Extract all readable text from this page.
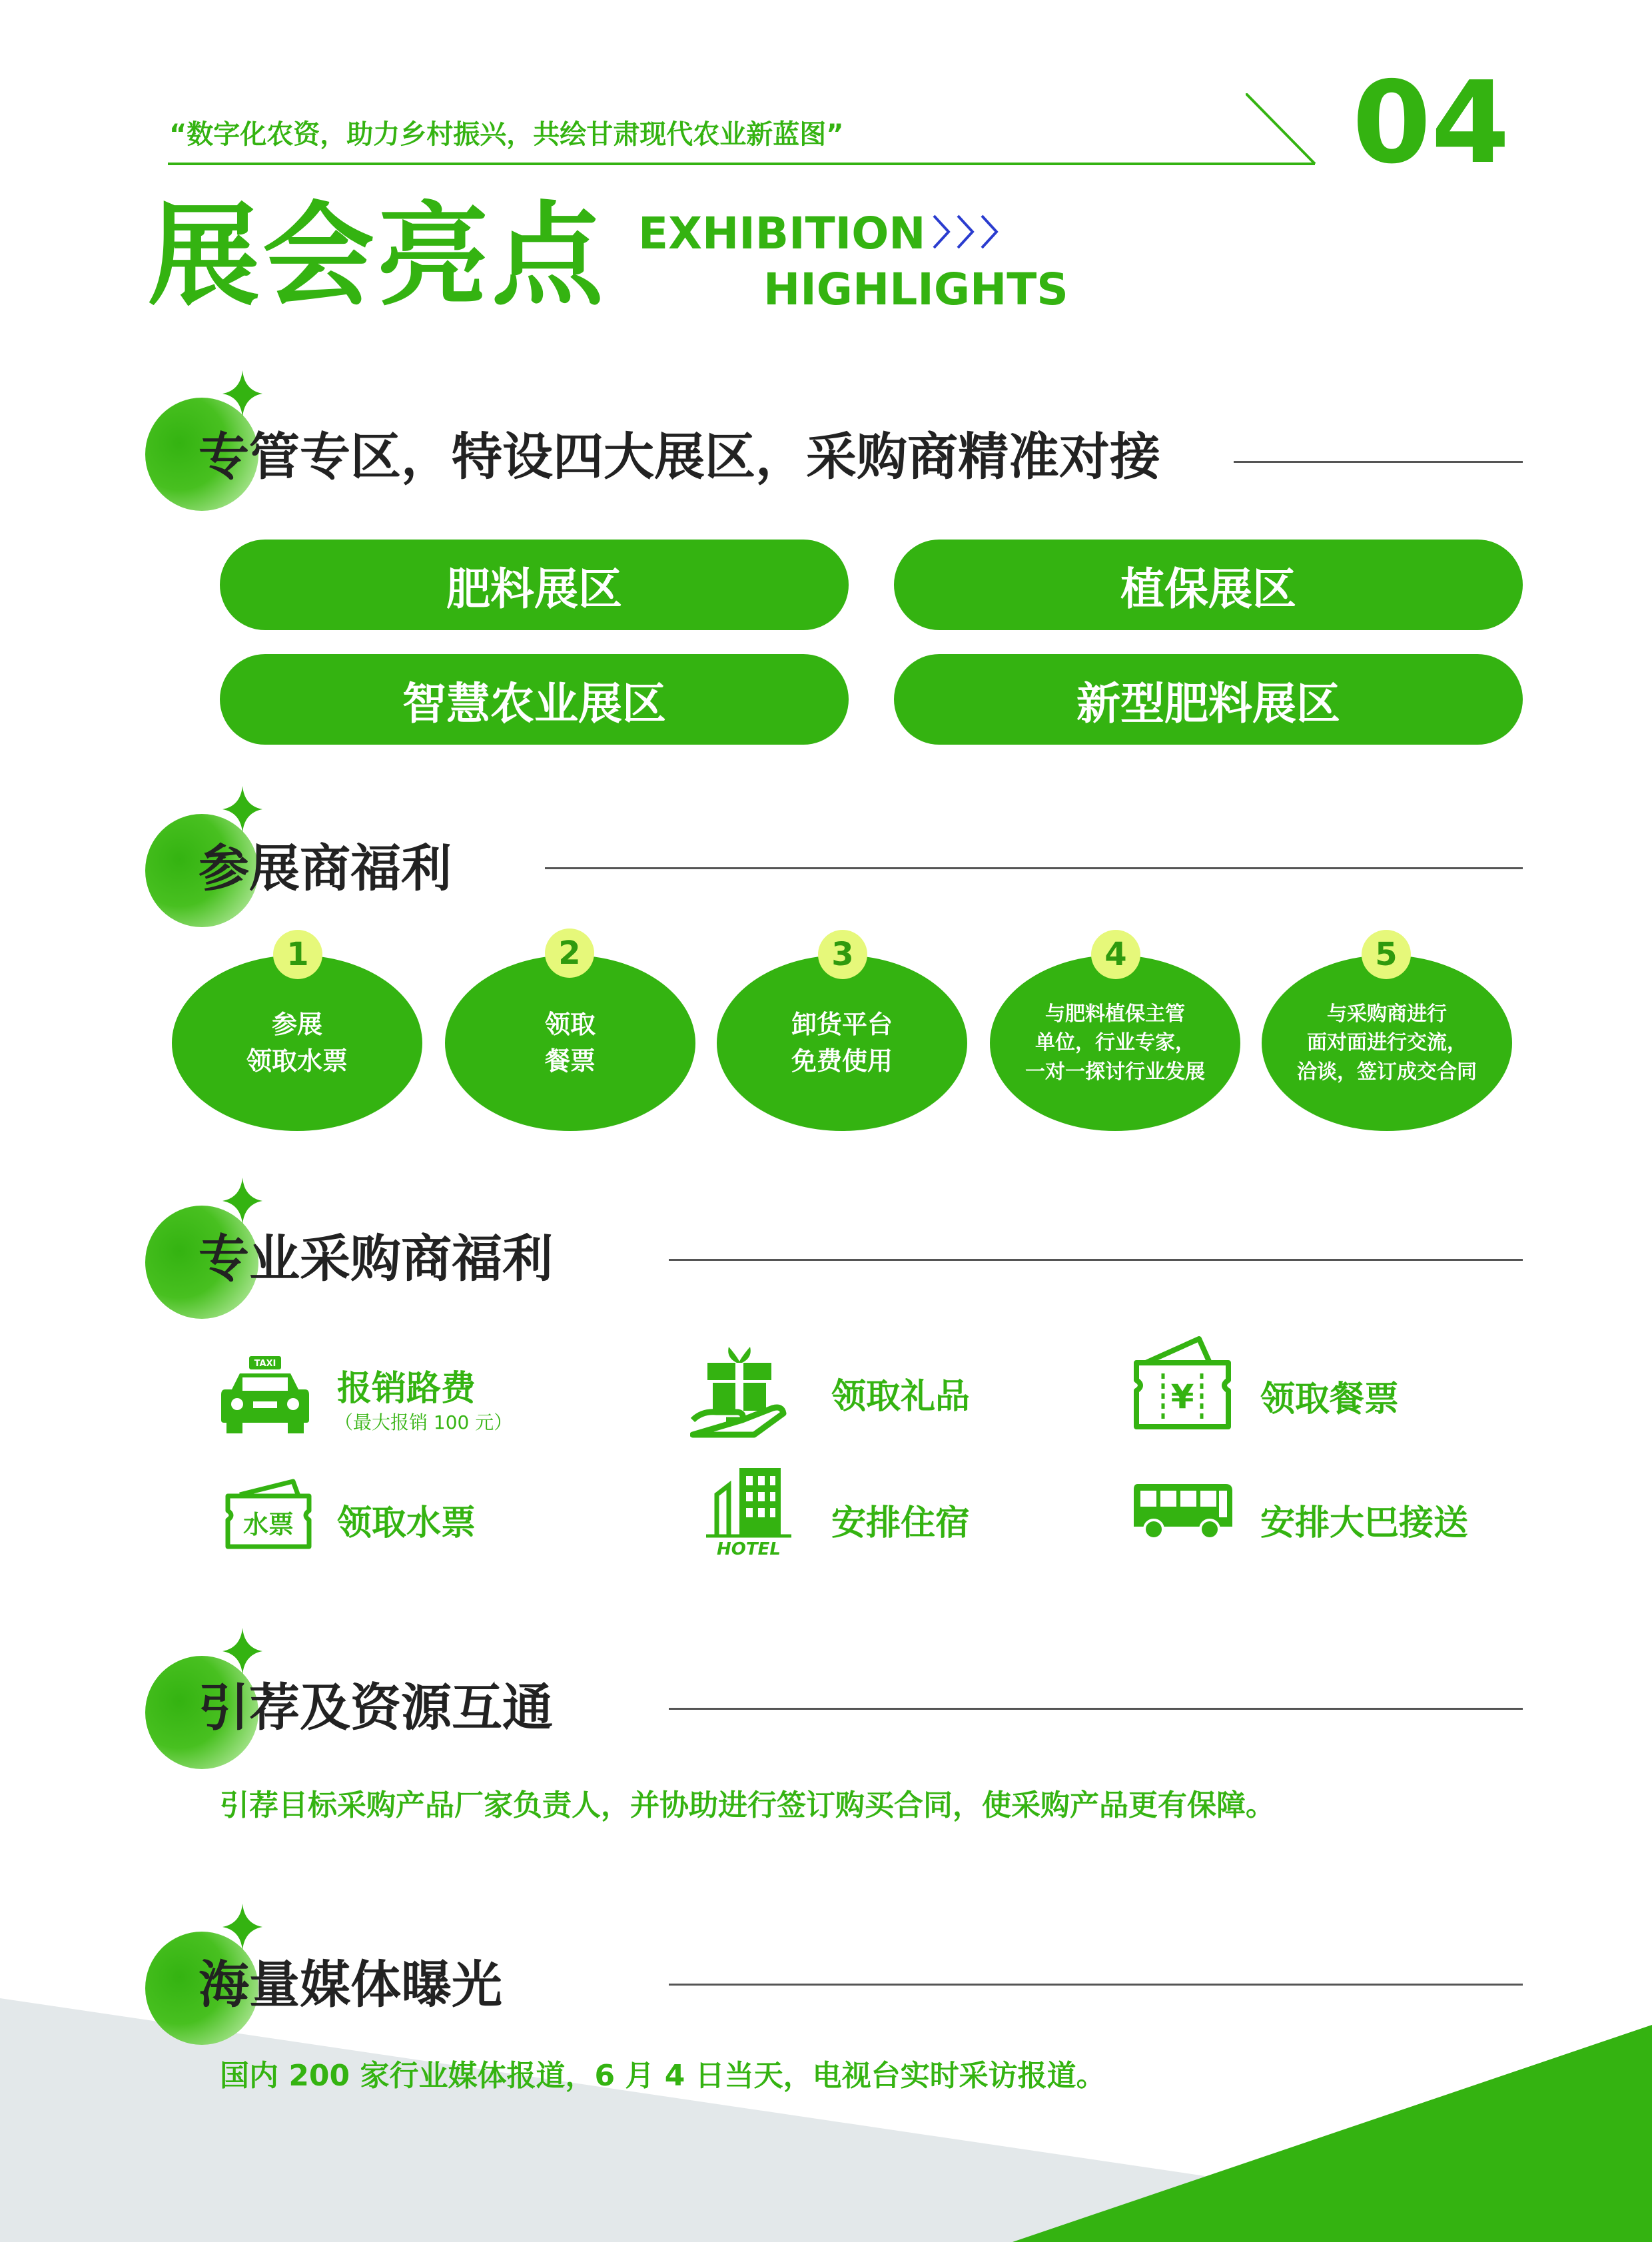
“数字化农资，助力乡村振兴，共绘甘肃现代农业新蓝图”	04
展会亮点 EXHIBITION
HIGHLIGHTS
专管专区，特设四大展区，采购商精准对接
肥料展区	植保展区
智慧农业展区	新型肥料展区
参展商福利
参展
领取水票
领取
餐票
卸货平台
免费使用
与肥料植保主管
单位，行业专家，
一对一探讨行业发展
与采购商进行
面对面进行交流，
洽谈，签订成交合同
1	2	3	4	5
专业采购商福利
TAXI
报销路费
（最大报销 100 元）
领取礼品	¥ 领取餐票
水票 领取水票
HOTEL
安排住宿	安排大巴接送
引荐及资源互通
引荐目标采购产品厂家负责人，并协助进行签订购买合同，使采购产品更有保障。
海量媒体曝光
国内 200 家行业媒体报道，6 月 4 日当天，电视台实时采访报道。
